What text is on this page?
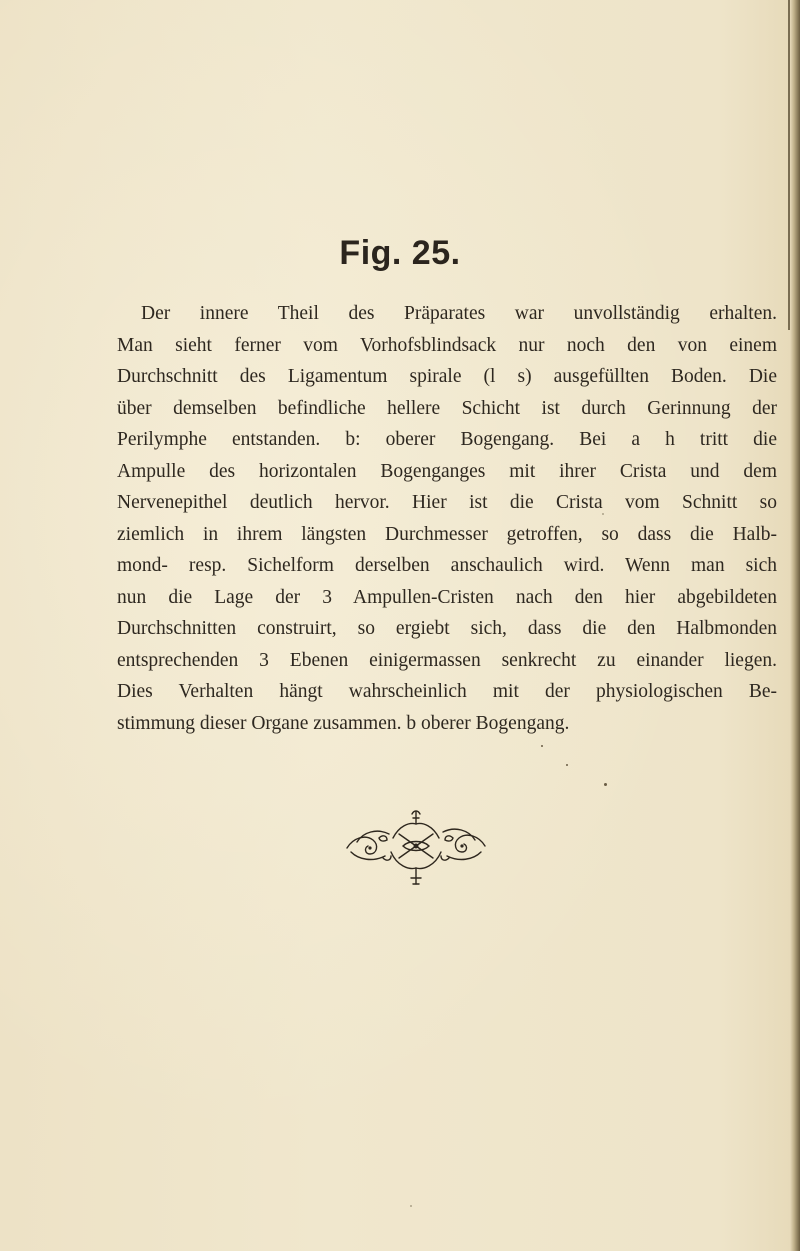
Fig. 25.
Der innere Theil des Präparates war unvollständig erhalten.
Man sieht ferner vom Vorhofsblindsack nur noch den von einem
Durchschnitt des Ligamentum spirale (l s) ausgefüllten Boden. Die
über demselben befindliche hellere Schicht ist durch Gerinnung der
Perilymphe entstanden. b: oberer Bogengang. Bei a h tritt die
Ampulle des horizontalen Bogenganges mit ihrer Crista und dem
Nervenepithel deutlich hervor. Hier ist die Crista vom Schnitt so
ziemlich in ihrem längsten Durchmesser getroffen, so dass die Halb-
mond- resp. Sichelform derselben anschaulich wird. Wenn man sich
nun die Lage der 3 Ampullen-Cristen nach den hier abgebildeten
Durchschnitten construirt, so ergiebt sich, dass die den Halbmonden
entsprechenden 3 Ebenen einigermassen senkrecht zu einander liegen.
Dies Verhalten hängt wahrscheinlich mit der physiologischen Be-
stimmung dieser Organe zusammen. b oberer Bogengang.
